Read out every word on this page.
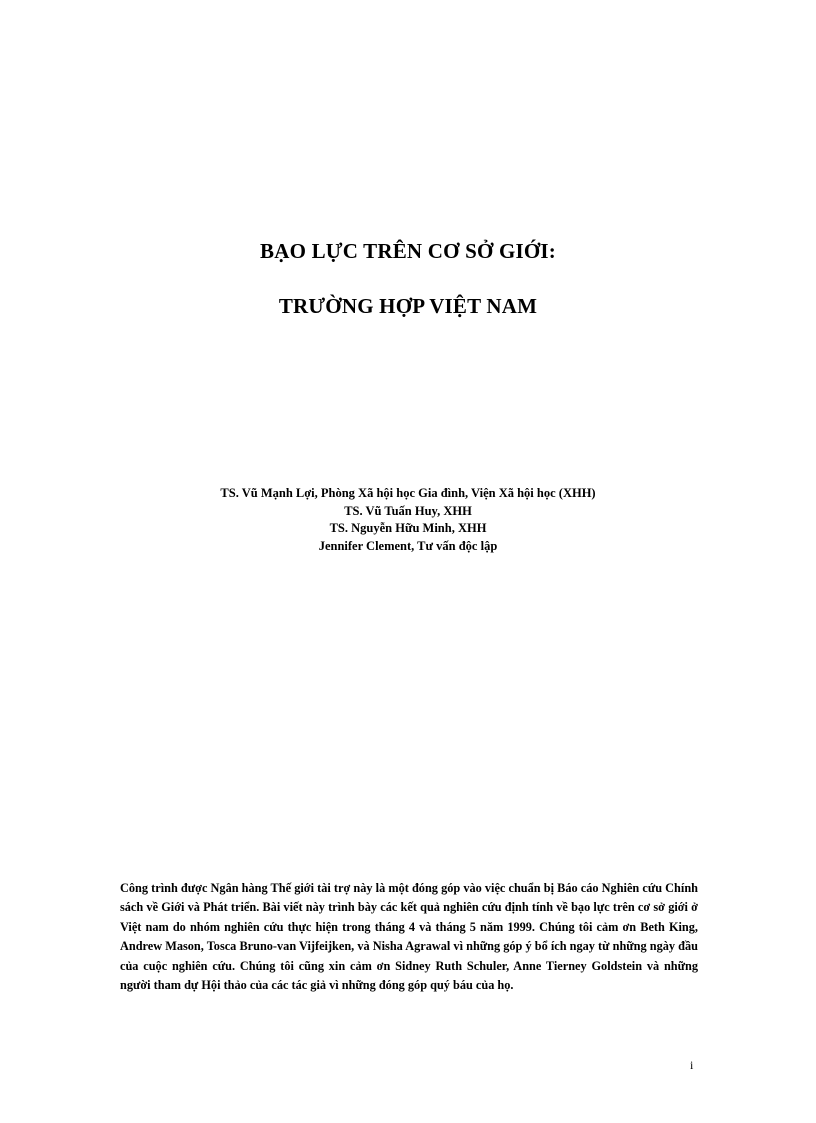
BẠO LỰC TRÊN CƠ SỞ GIỚI:
TRƯỜNG HỢP VIỆT NAM
TS. Vũ Mạnh Lợi, Phòng Xã hội học Gia đình, Viện Xã hội học (XHH)
TS. Vũ Tuấn Huy, XHH
TS. Nguyễn Hữu Minh, XHH
Jennifer Clement, Tư vấn độc lập

Công trình được Ngân hàng Thế giới tài trợ này là một đóng góp vào việc chuẩn bị Báo cáo Nghiên cứu Chính sách về Giới và Phát triển. Bài viết này trình bày các kết quả nghiên cứu định tính về bạo lực trên cơ sở giới ở Việt nam do nhóm nghiên cứu thực hiện trong tháng 4 và tháng 5 năm 1999. Chúng tôi cảm ơn Beth King, Andrew Mason, Tosca Bruno-van Vijfeijken, và Nisha Agrawal vì những góp ý bổ ích ngay từ những ngày đầu của cuộc nghiên cứu. Chúng tôi cũng xin cảm ơn Sidney Ruth Schuler, Anne Tierney Goldstein và những người tham dự Hội thảo của các tác giả vì những đóng góp quý báu của họ.

i
